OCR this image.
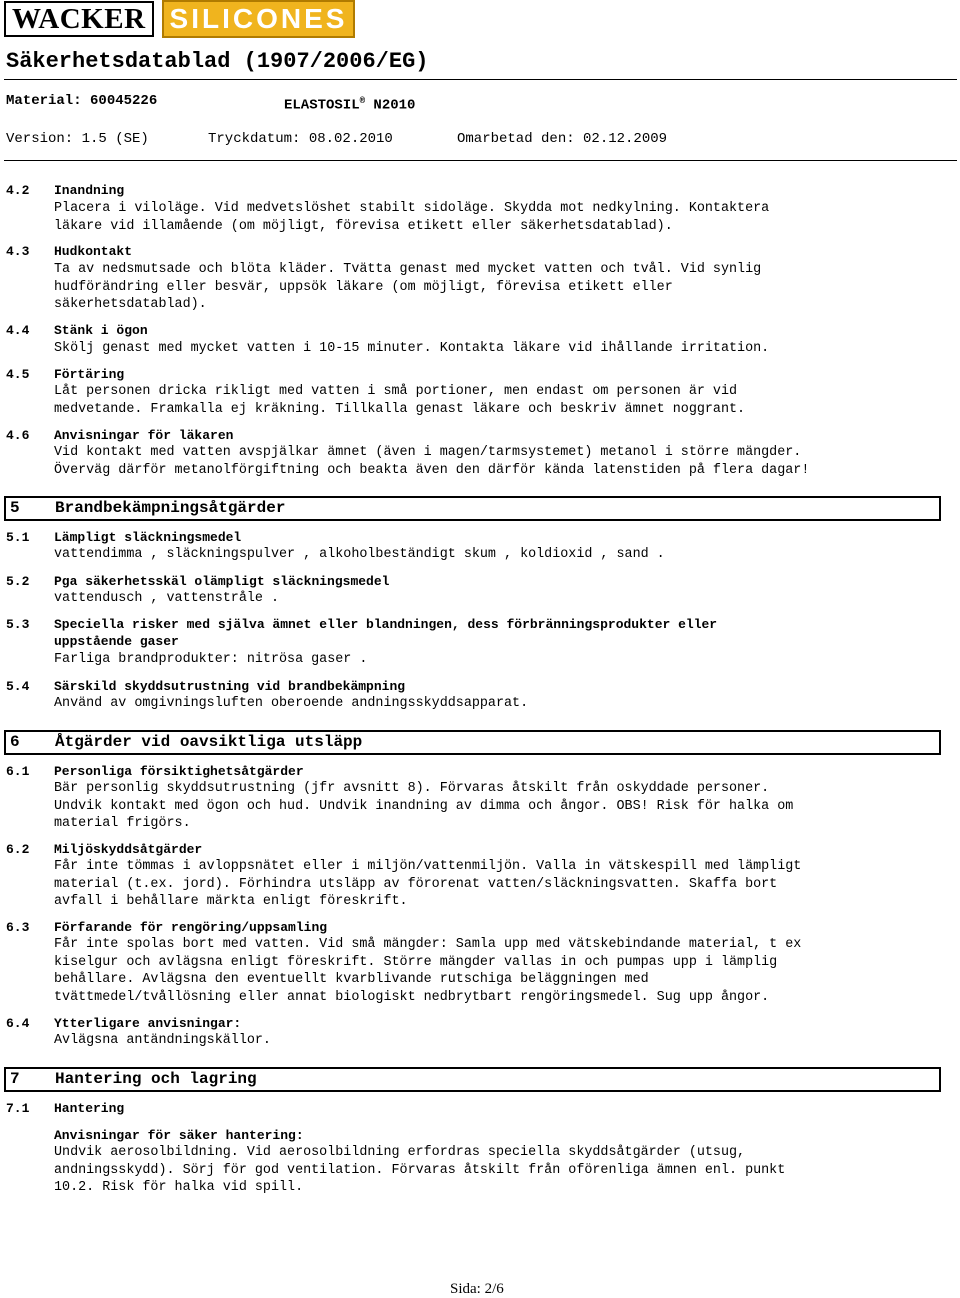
WACKER SILICONES
Säkerhetsdatablad (1907/2006/EG)
Material: 60045226	ELASTOSIL® N2010
Version: 1.5 (SE)	Tryckdatum: 08.02.2010	Omarbetad den: 02.12.2009
4.2 Inandning
Placera i viloläge. Vid medvetslöshet stabilt sidoläge. Skydda mot nedkylning. Kontaktera
läkare vid illamående (om möjligt, förevisa etikett eller säkerhetsdatablad).
4.3 Hudkontakt
Ta av nedsmutsade och blöta kläder. Tvätta genast med mycket vatten och tvål. Vid synlig
hudförändring eller besvär, uppsök läkare (om möjligt, förevisa etikett eller
säkerhetsdatablad).
4.4 Stänk i ögon
Skölj genast med mycket vatten i 10-15 minuter. Kontakta läkare vid ihållande irritation.
4.5 Förtäring
Låt personen dricka rikligt med vatten i små portioner, men endast om personen är vid
medvetande. Framkalla ej kräkning. Tillkalla genast läkare och beskriv ämnet noggrant.
4.6 Anvisningar för läkaren
Vid kontakt med vatten avspjälkar ämnet (även i magen/tarmsystemet) metanol i större mängder.
Överväg därför metanolförgiftning och beakta även den därför kända latenstiden på flera dagar!
5 Brandbekämpningsåtgärder
5.1 Lämpligt släckningsmedel
vattendimma , släckningspulver , alkoholbeständigt skum , koldioxid , sand .
5.2 Pga säkerhetsskäl olämpligt släckningsmedel
vattendusch , vattenstråle .
5.3 Speciella risker med själva ämnet eller blandningen, dess förbränningsprodukter eller
uppstående gaser
Farliga brandprodukter: nitrösa gaser .
5.4 Särskild skyddsutrustning vid brandbekämpning
Använd av omgivningsluften oberoende andningsskyddsapparat.
6 Åtgärder vid oavsiktliga utsläpp
6.1 Personliga försiktighetsåtgärder
Bär personlig skyddsutrustning (jfr avsnitt 8). Förvaras åtskilt från oskyddade personer.
Undvik kontakt med ögon och hud. Undvik inandning av dimma och ångor. OBS! Risk för halka om
material frigörs.
6.2 Miljöskyddsåtgärder
Får inte tömmas i avloppsnätet eller i miljön/vattenmiljön. Valla in vätskespill med lämpligt
material (t.ex. jord). Förhindra utsläpp av förorenat vatten/släckningsvatten. Skaffa bort
avfall i behållare märkta enligt föreskrift.
6.3 Förfarande för rengöring/uppsamling
Får inte spolas bort med vatten. Vid små mängder: Samla upp med vätskebindande material, t ex
kiselgur och avlägsna enligt föreskrift. Större mängder vallas in och pumpas upp i lämplig
behållare. Avlägsna den eventuellt kvarblivande rutschiga beläggningen med
tvättmedel/tvållösning eller annat biologiskt nedbrytbart rengöringsmedel. Sug upp ångor.
6.4 Ytterligare anvisningar:
Avlägsna antändningskällor.
7 Hantering och lagring
7.1 Hantering
Anvisningar för säker hantering:
Undvik aerosolbildning. Vid aerosolbildning erfordras speciella skyddsåtgärder (utsug,
andningsskydd). Sörj för god ventilation. Förvaras åtskilt från oförenliga ämnen enl. punkt
10.2. Risk för halka vid spill.
Sida: 2/6
